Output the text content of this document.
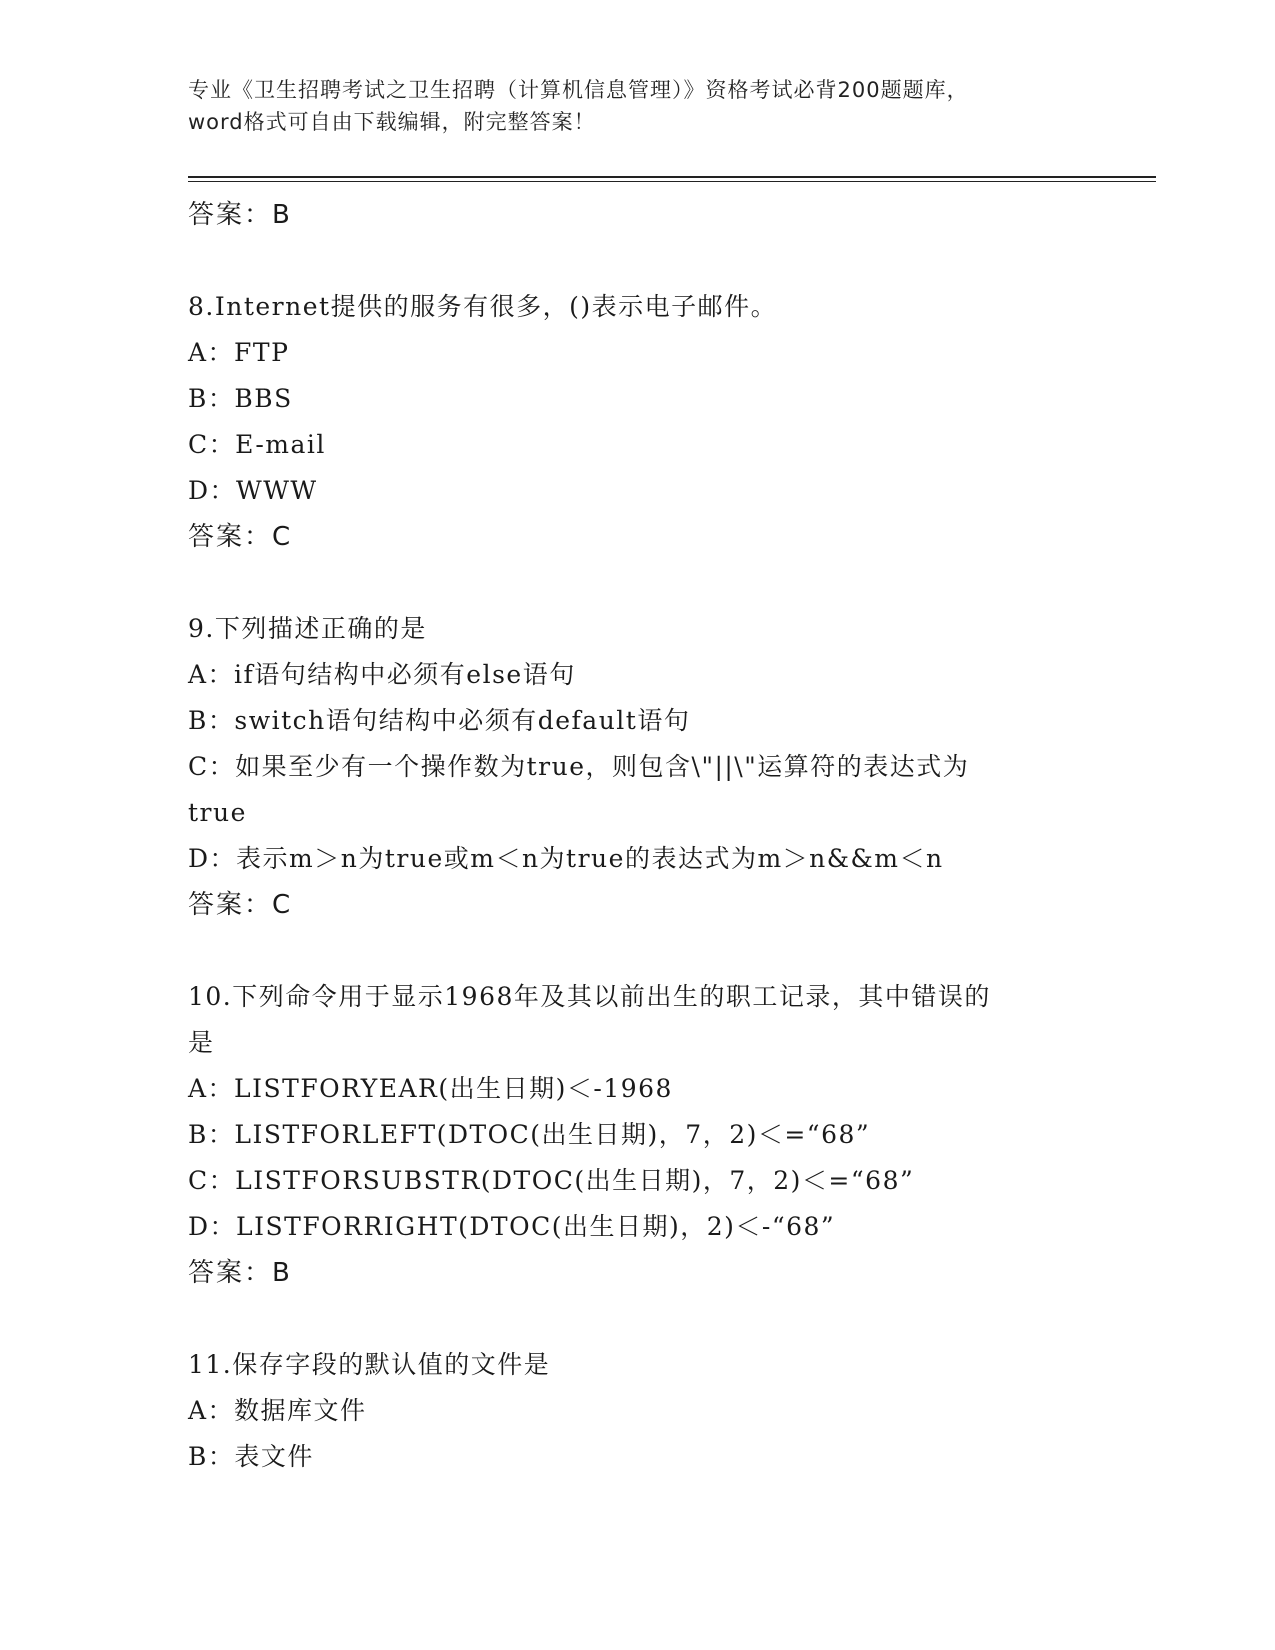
专业《卫生招聘考试之卫生招聘（计算机信息管理）》资格考试必背200题题库，
word格式可自由下载编辑，附完整答案！

答案：B

8.Internet提供的服务有很多，()表示电子邮件。

A：FTP

B：BBS

C：E-mail

D：WWW

答案：C

9.下列描述正确的是

A：if语句结构中必须有else语句

B：switch语句结构中必须有default语句

C：如果至少有一个操作数为true，则包含\"||\"运算符的表达式为

true

D：表示m＞n为true或m＜n为true的表达式为m＞n&&m＜n

答案：C

10.下列命令用于显示1968年及其以前出生的职工记录，其中错误的

是

A：LISTFORYEAR(出生日期)＜-1968

B：LISTFORLEFT(DTOC(出生日期)，7，2)＜=“68”

C：LISTFORSUBSTR(DTOC(出生日期)，7，2)＜=“68”

D：LISTFORRIGHT(DTOC(出生日期)，2)＜-“68”

答案：B

11.保存字段的默认值的文件是

A：数据库文件

B：表文件
